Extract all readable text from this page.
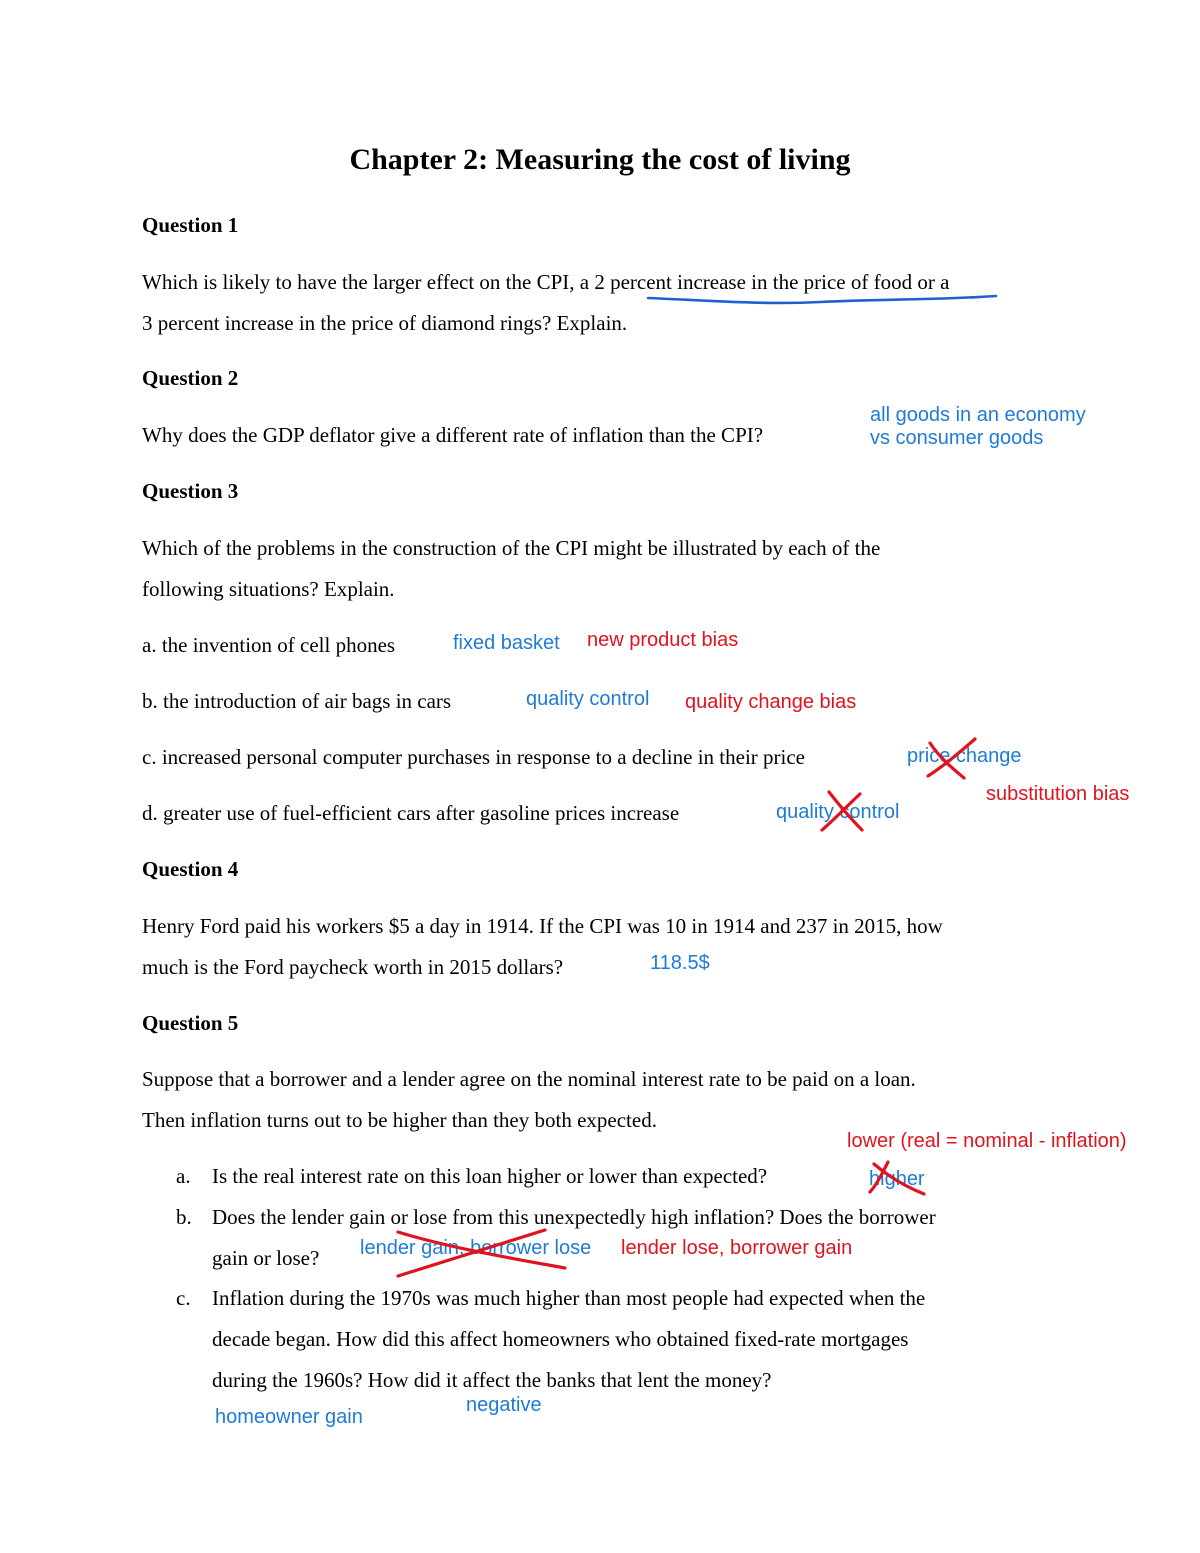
Chapter 2: Measuring the cost of living
Question 1
Which is likely to have the larger effect on the CPI, a 2 percent increase in the price of food or a
3 percent increase in the price of diamond rings? Explain.
Question 2
Why does the GDP deflator give a different rate of inflation than the CPI?
Question 3
Which of the problems in the construction of the CPI might be illustrated by each of the
following situations? Explain.
a. the invention of cell phones
b. the introduction of air bags in cars
c. increased personal computer purchases in response to a decline in their price
d. greater use of fuel-efficient cars after gasoline prices increase
Question 4
Henry Ford paid his workers $5 a day in 1914. If the CPI was 10 in 1914 and 237 in 2015, how
much is the Ford paycheck worth in 2015 dollars?
Question 5
Suppose that a borrower and a lender agree on the nominal interest rate to be paid on a loan.
Then inflation turns out to be higher than they both expected.
a. Is the real interest rate on this loan higher or lower than expected?
b. Does the lender gain or lose from this unexpectedly high inflation? Does the borrower
gain or lose?
c. Inflation during the 1970s was much higher than most people had expected when the
decade began. How did this affect homeowners who obtained fixed-rate mortgages
during the 1960s? How did it affect the banks that lent the money?
all goods in an economy
vs consumer goods
fixed basket new product bias
quality control quality change bias
price change
substitution bias
quality control
118.5$
lower (real = nominal - inflation)
higher
lender gain, borrower lose lender lose, borrower gain
homeowner gain
negative
